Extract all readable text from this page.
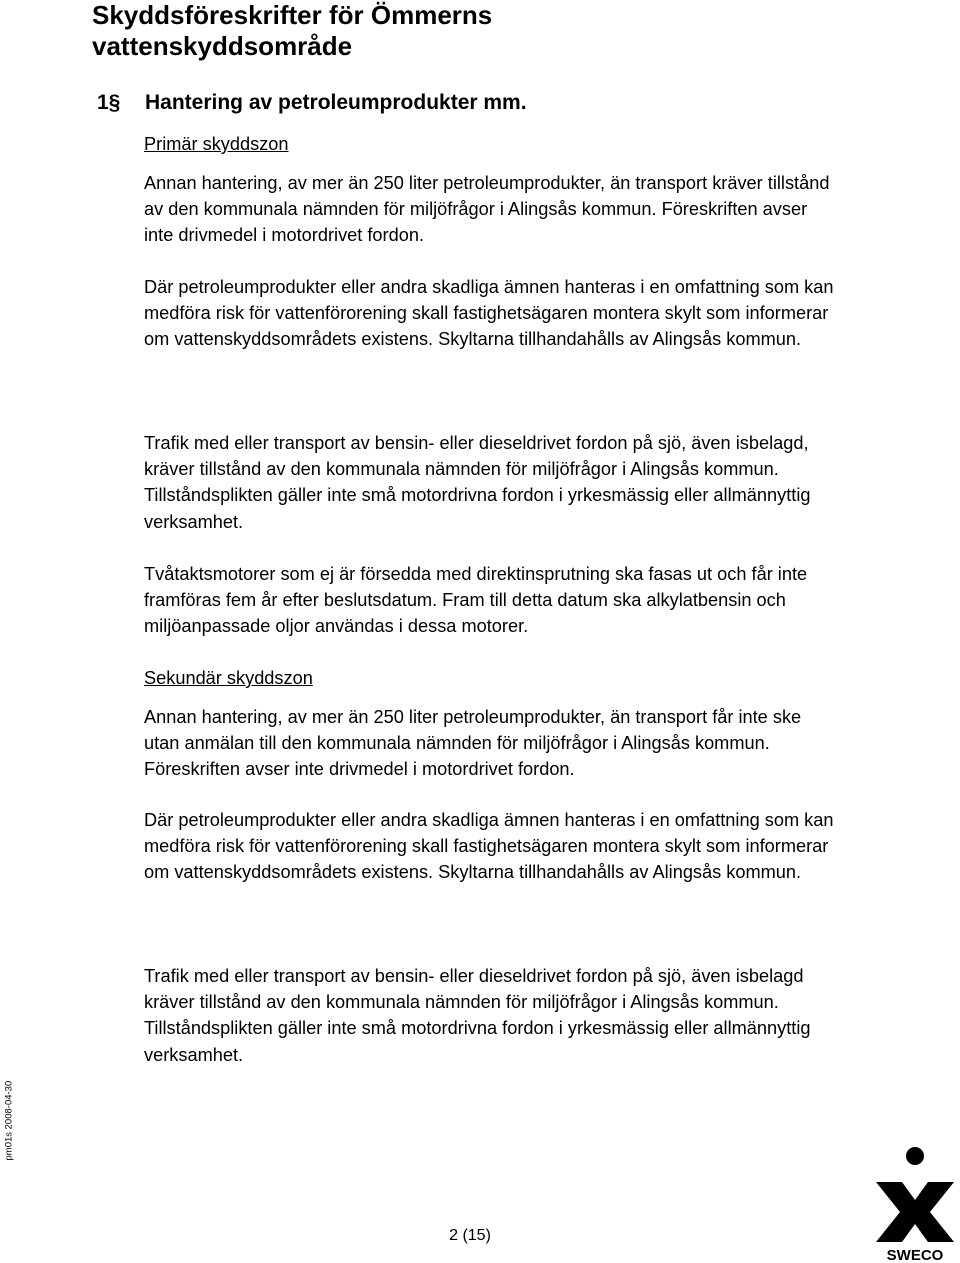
Skyddsföreskrifter för Ömmerns vattenskyddsområde
1§ Hantering av petroleumprodukter mm.

Primär skyddszon

Annan hantering, av mer än 250 liter petroleumprodukter, än transport kräver tillstånd av den kommunala nämnden för miljöfrågor i Alingsås kommun. Föreskriften avser inte drivmedel i motordrivet fordon.

Där petroleumprodukter eller andra skadliga ämnen hanteras i en omfattning som kan medföra risk för vattenförorening skall fastighetsägaren montera skylt som informerar om vattenskyddsområdets existens. Skyltarna tillhandahålls av Alingsås kommun.

Trafik med eller transport av bensin- eller dieseldrivet fordon på sjö, även isbelagd, kräver tillstånd av den kommunala nämnden för miljöfrågor i Alingsås kommun. Tillståndsplikten gäller inte små motordrivna fordon i yrkesmässig eller allmännyttig verksamhet.

Tvåtaktsmotorer som ej är försedda med direktinsprutning ska fasas ut och får inte framföras fem år efter beslutsdatum. Fram till detta datum ska alkylatbensin och miljöanpassade oljor användas i dessa motorer.

Sekundär skyddszon

Annan hantering, av mer än 250 liter petroleumprodukter, än transport får inte ske utan anmälan till den kommunala nämnden för miljöfrågor i Alingsås kommun. Föreskriften avser inte drivmedel i motordrivet fordon.

Där petroleumprodukter eller andra skadliga ämnen hanteras i en omfattning som kan medföra risk för vattenförorening skall fastighetsägaren montera skylt som informerar om vattenskyddsområdets existens. Skyltarna tillhandahålls av Alingsås kommun.

Trafik med eller transport av bensin- eller dieseldrivet fordon på sjö, även isbelagd kräver tillstånd av den kommunala nämnden för miljöfrågor i Alingsås kommun. Tillståndsplikten gäller inte små motordrivna fordon i yrkesmässig eller allmännyttig verksamhet.

pm01s 2008-04-30
2 (15)
SWECO
